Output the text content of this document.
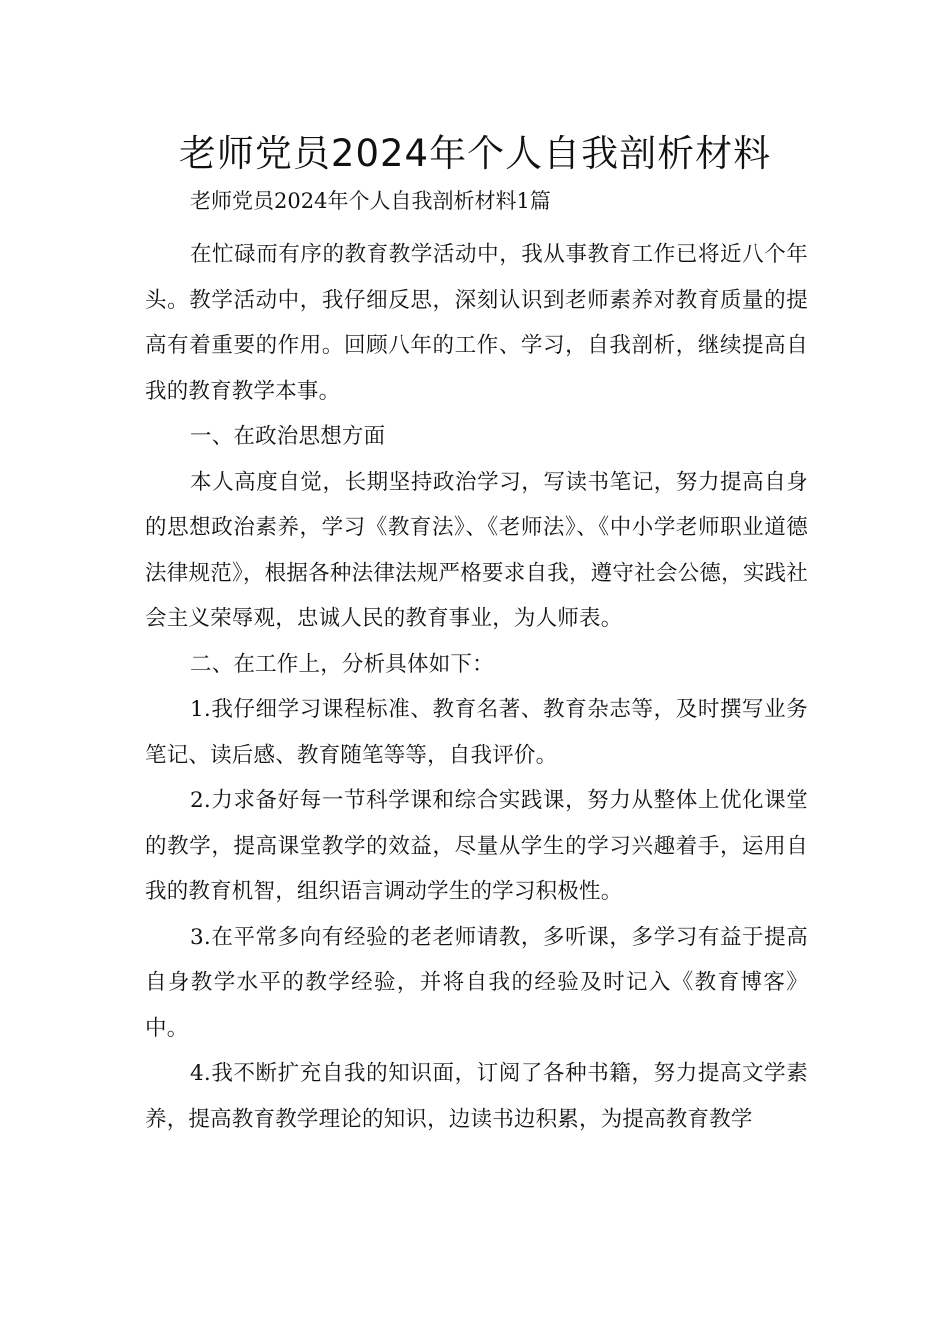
老师党员2024年个人自我剖析材料

老师党员2024年个人自我剖析材料1篇

在忙碌而有序的教育教学活动中，我从事教育工作已将近八个年头。教学活动中，我仔细反思，深刻认识到老师素养对教育质量的提高有着重要的作用。回顾八年的工作、学习，自我剖析，继续提高自我的教育教学本事。

一、在政治思想方面

本人高度自觉，长期坚持政治学习，写读书笔记，努力提高自身的思想政治素养，学习《教育法》、《老师法》、《中小学老师职业道德法律规范》，根据各种法律法规严格要求自我，遵守社会公德，实践社会主义荣辱观，忠诚人民的教育事业，为人师表。

二、在工作上，分析具体如下：

1.我仔细学习课程标准、教育名著、教育杂志等，及时撰写业务笔记、读后感、教育随笔等等，自我评价。

2.力求备好每一节科学课和综合实践课，努力从整体上优化课堂的教学，提高课堂教学的效益，尽量从学生的学习兴趣着手，运用自我的教育机智，组织语言调动学生的学习积极性。

3.在平常多向有经验的老老师请教，多听课，多学习有益于提高自身教学水平的教学经验，并将自我的经验及时记入《教育博客》中。

4.我不断扩充自我的知识面，订阅了各种书籍，努力提高文学素养，提高教育教学理论的知识，边读书边积累，为提高教育教学
